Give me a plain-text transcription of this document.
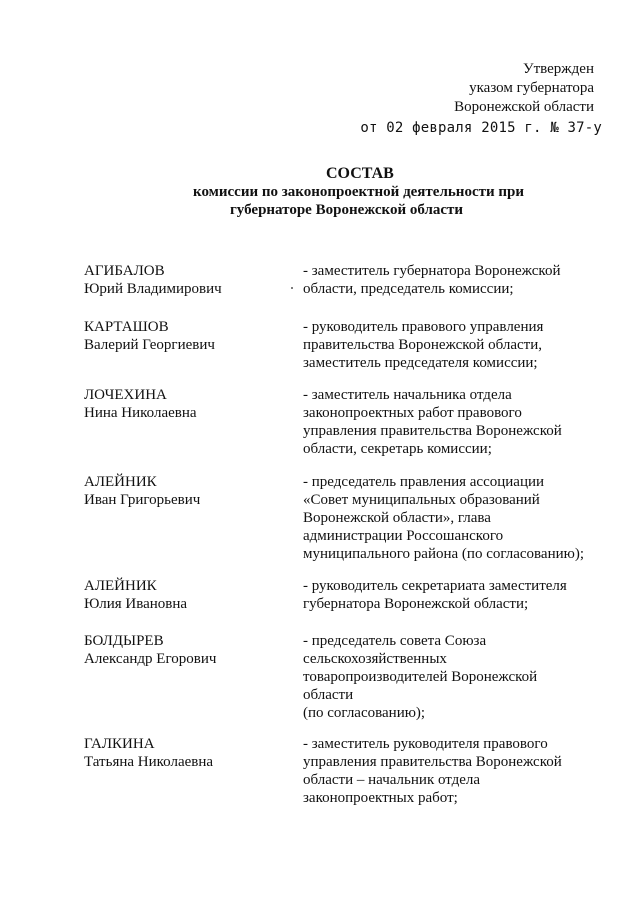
Утвержден
указом губернатора
Воронежской области
от 02 февраля 2015 г. № 37-у
СОСТАВ
комиссии по законопроектной деятельности при
губернаторе Воронежской области
АГИБАЛОВ
Юрий Владимирович
- заместитель губернатора Воронежской
области, председатель комиссии;
КАРТАШОВ
Валерий Георгиевич
- руководитель правового управления
правительства Воронежской области,
заместитель председателя комиссии;
ЛОЧЕХИНА
Нина Николаевна
- заместитель начальника отдела
законопроектных работ правового
управления правительства Воронежской
области, секретарь комиссии;
АЛЕЙНИК
Иван Григорьевич
- председатель правления ассоциации
«Совет муниципальных образований
Воронежской области», глава
администрации Россошанского
муниципального района (по согласованию);
АЛЕЙНИК
Юлия Ивановна
- руководитель секретариата заместителя
губернатора Воронежской области;
БОЛДЫРЕВ
Александр Егорович
- председатель совета Союза
сельскохозяйственных
товаропроизводителей Воронежской
области
(по согласованию);
ГАЛКИНА
Татьяна Николаевна
- заместитель руководителя правового
управления правительства Воронежской
области – начальник отдела
законопроектных работ;
